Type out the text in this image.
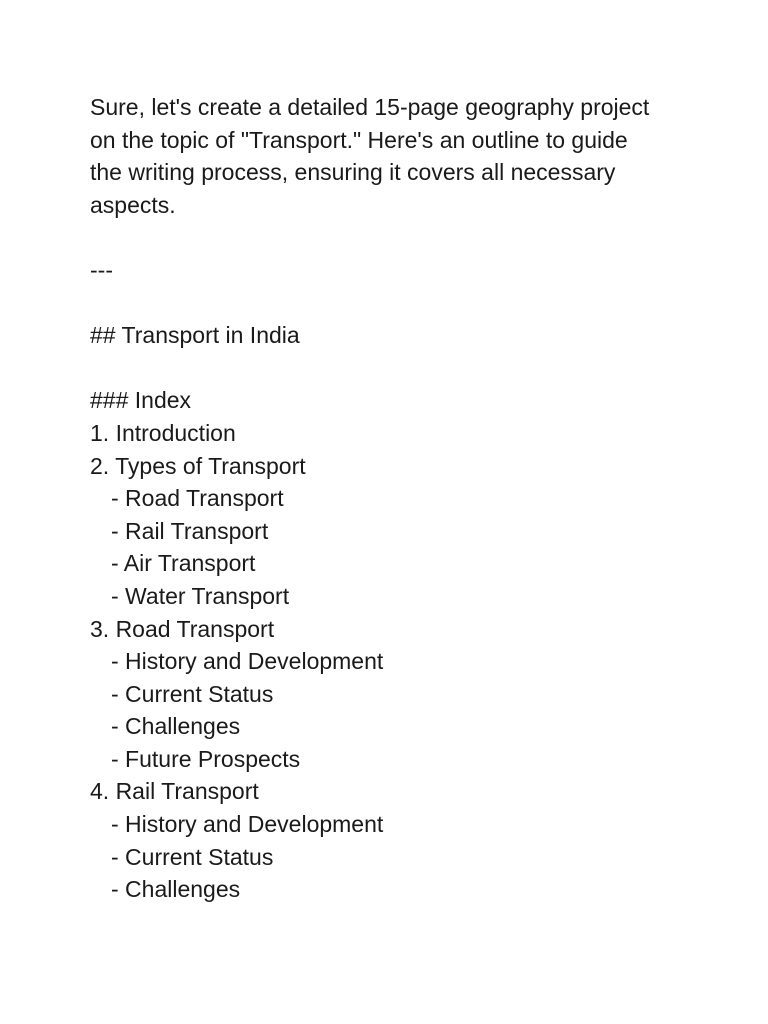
Sure, let's create a detailed 15-page geography project
on the topic of "Transport." Here's an outline to guide
the writing process, ensuring it covers all necessary
aspects.
---
## Transport in India
### Index
1. Introduction
2. Types of Transport
- Road Transport
- Rail Transport
- Air Transport
- Water Transport
3. Road Transport
- History and Development
- Current Status
- Challenges
- Future Prospects
4. Rail Transport
- History and Development
- Current Status
- Challenges
